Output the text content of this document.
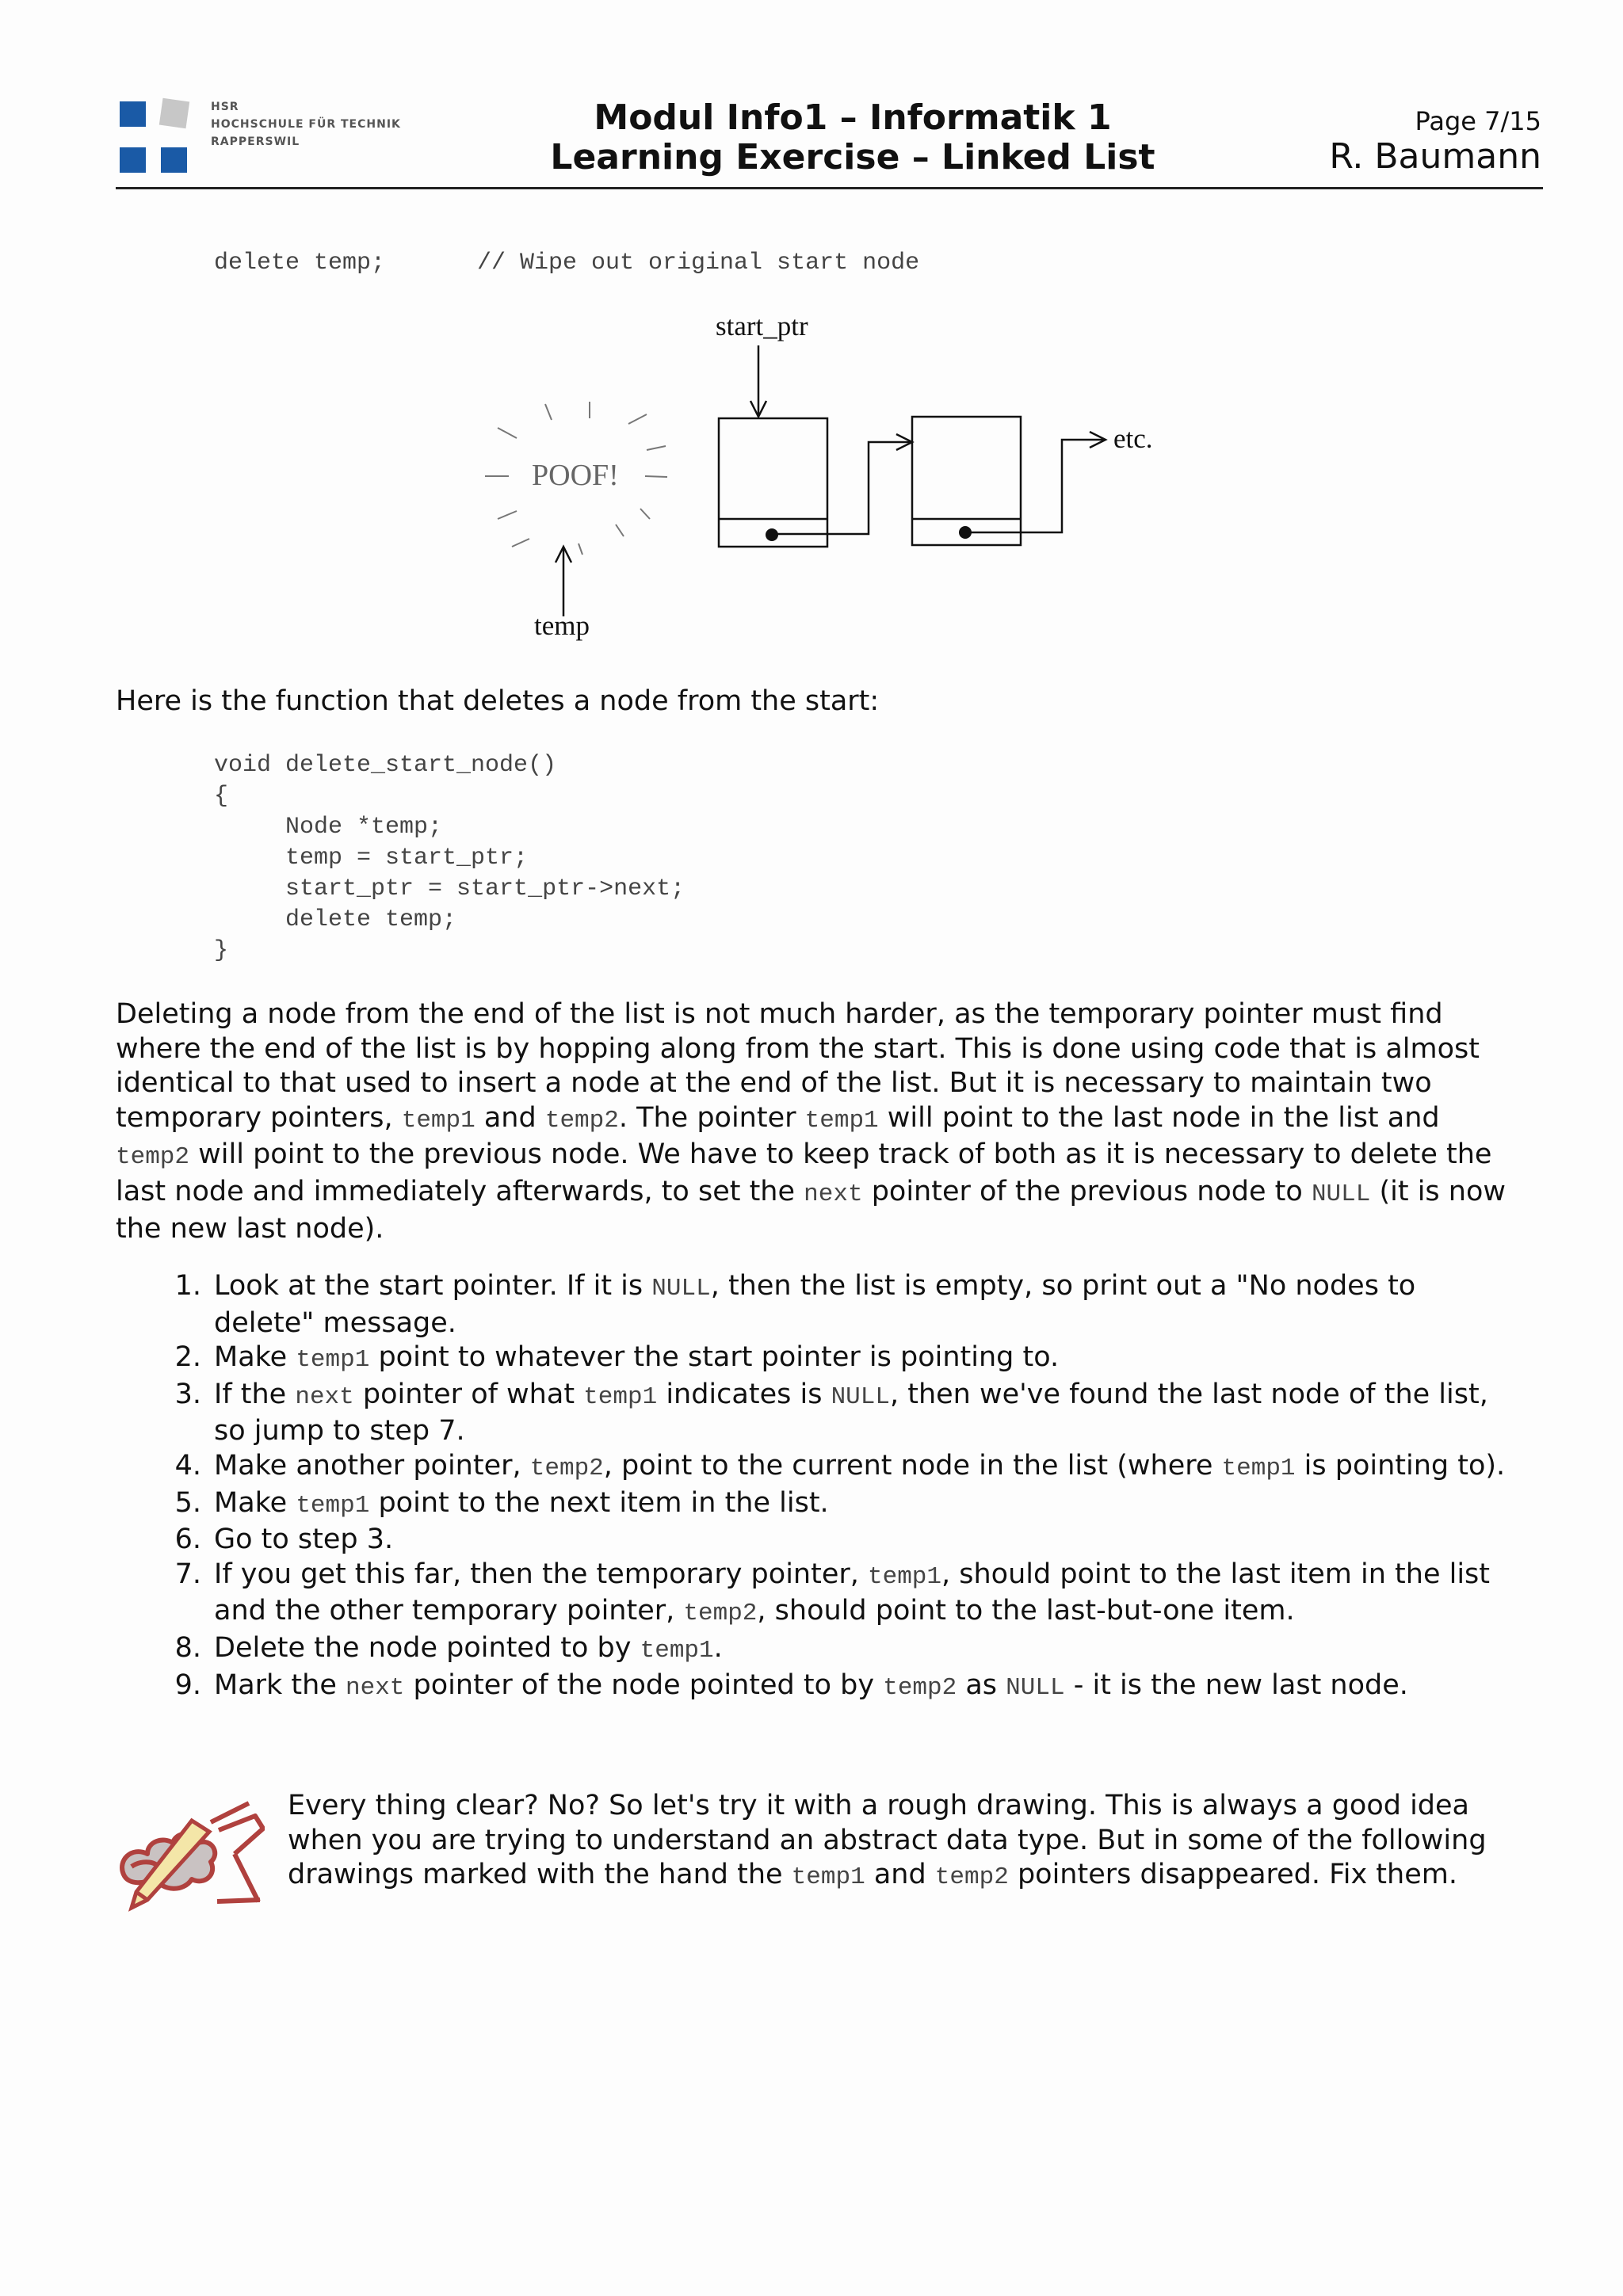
HSR
HOCHSCHULE FÜR TECHNIK
RAPPERSWIL
Modul Info1 – Informatik 1
Learning Exercise – Linked List
Page 7/15
R. Baumann
delete temp;	// Wipe out original start node
start_ptr
POOF!
temp
etc.
Here is the function that deletes a node from the start:
void delete_start_node()
{
Node *temp;
temp = start_ptr;
start_ptr = start_ptr->next;
delete temp;
}
Deleting a node from the end of the list is not much harder, as the temporary pointer must find where the end of the list is by hopping along from the start. This is done using code that is almost identical to that used to insert a node at the end of the list. But it is necessary to maintain two temporary pointers, temp1 and temp2. The pointer temp1 will point to the last node in the list and temp2 will point to the previous node. We have to keep track of both as it is necessary to delete the last node and immediately afterwards, to set the next pointer of the previous node to NULL (it is now the new last node).
1. Look at the start pointer. If it is NULL, then the list is empty, so print out a "No nodes to delete" message.
2. Make temp1 point to whatever the start pointer is pointing to.
3. If the next pointer of what temp1 indicates is NULL, then we've found the last node of the list, so jump to step 7.
4. Make another pointer, temp2, point to the current node in the list (where temp1 is pointing to).
5. Make temp1 point to the next item in the list.
6. Go to step 3.
7. If you get this far, then the temporary pointer, temp1, should point to the last item in the list and the other temporary pointer, temp2, should point to the last-but-one item.
8. Delete the node pointed to by temp1.
9. Mark the next pointer of the node pointed to by temp2 as NULL - it is the new last node.
Every thing clear? No? So let's try it with a rough drawing. This is always a good idea when you are trying to understand an abstract data type. But in some of the following drawings marked with the hand the temp1 and temp2 pointers disappeared. Fix them.
